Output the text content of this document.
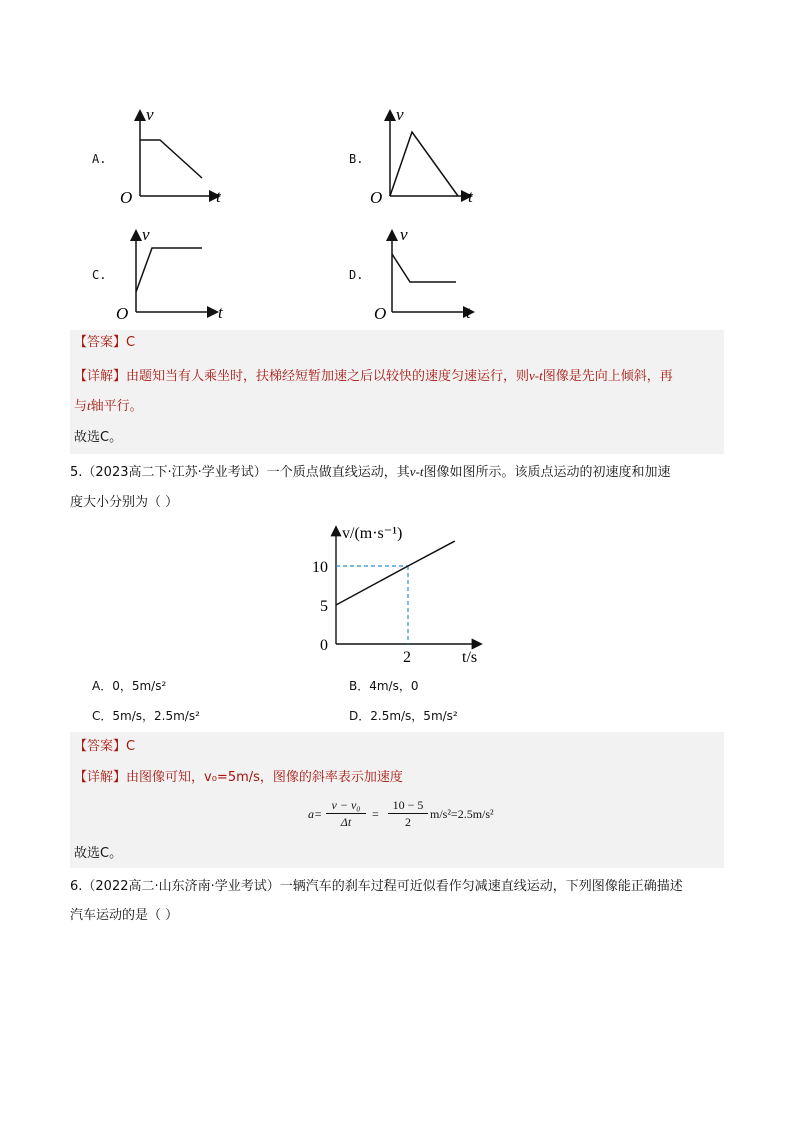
A.
v
t
O
B.
v
t
O
C.
v
t
O
D.
v
t
O
【答案】C
【详解】由题知当有人乘坐时，扶梯经短暂加速之后以较快的速度匀速运行，则v-t图像是先向上倾斜，再
与t轴平行。
故选C。
5.（2023高二下·江苏·学业考试）一个质点做直线运动，其v-t图像如图所示。该质点运动的初速度和加速
度大小分别为（ ）
v/(m·s⁻¹)
t/s
10
5
0
2
A．0，5m/s²	B．4m/s，0
C．5m/s，2.5m/s²	D．2.5m/s，5m/s²
【答案】C
【详解】由图像可知，v₀=5m/s，图像的斜率表示加速度
a=
v − v₀
Δt
=
10 − 5
2
m/s²=2.5m/s²
故选C。
6.（2022高二·山东济南·学业考试）一辆汽车的刹车过程可近似看作匀减速直线运动，下列图像能正确描述
汽车运动的是（ ）
